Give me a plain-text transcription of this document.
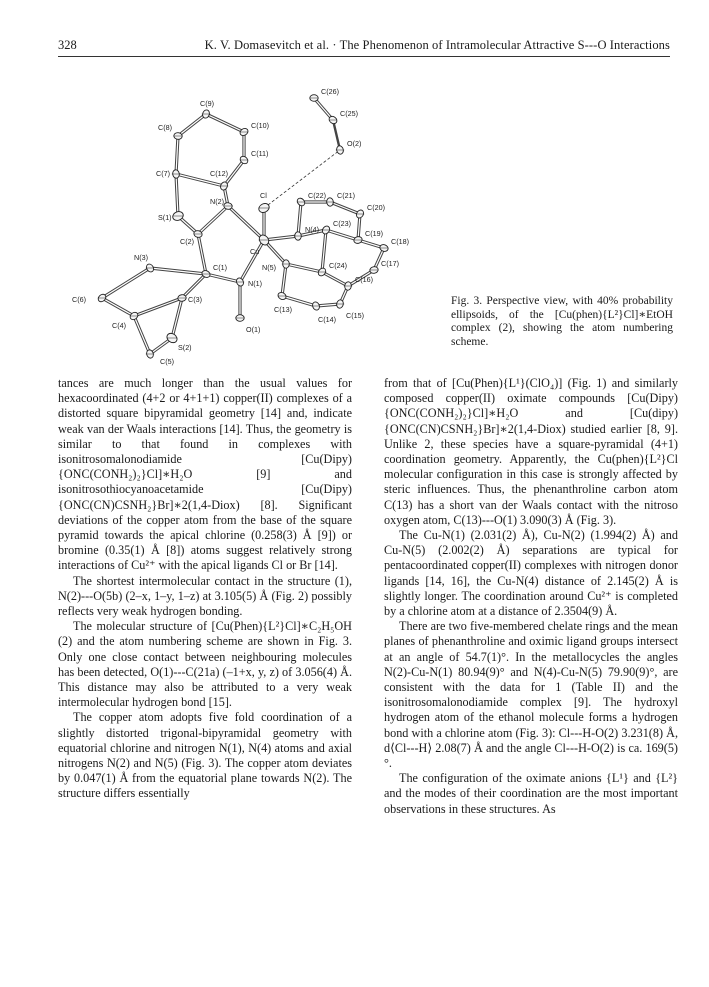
328	K. V. Domasevitch et al. · The Phenomenon of Intramolecular Attractive S---O Interactions
C(26)
C(25)
O(2)
C(9)
C(10)
C(8)
C(11)
C(7)	C(12)
Cl
N(2)
C(22) C(21)
C(20)
S(1)
C(2)
Cu
N(4)
C(23)
C(19)
C(18)
N(3)
N(5)	C(24)	C(17)
C(1)
N(1)	C(16)
C(6)	C(3)
C(13)
C(14) C(15)
C(4)	O(1)
S(2)
C(5)
Fig. 3. Perspective view, with 40% probability ellipsoids, of the [Cu(phen){L²}Cl]∗EtOH complex (2), showing the atom numbering scheme.

tances are much longer than the usual values for hexacoordinated (4+2 or 4+1+1) copper(II) complexes of a distorted square bipyramidal geometry [14] and, indicate weak van der Waals interactions [14]. Thus, the geometry is similar to that found in complexes with isonitrosomalonodiamide [Cu(Dipy){ONC(CONH₂)₂}Cl]∗H₂O [9] and isonitrosothiocyanoacetamide [Cu(Dipy){ONC(CN)CSNH₂}Br]∗2(1,4-Diox) [8]. Significant deviations of the copper atom from the base of the square pyramid towards the apical chlorine (0.258(3) Å [9]) or bromine (0.35(1) Å [8]) atoms suggest relatively strong interactions of Cu²⁺ with the apical ligands Cl or Br [14].

The shortest intermolecular contact in the structure (1), N(2)---O(5b) (2–x, 1–y, 1–z) at 3.105(5) Å (Fig. 2) possibly reflects very weak hydrogen bonding.

The molecular structure of [Cu(Phen){L²}Cl]∗C₂H₅OH (2) and the atom numbering scheme are shown in Fig. 3. Only one close contact between neighbouring molecules has been detected, O(1)---C(21a) (–1+x, y, z) of 3.056(4) Å. This distance may also be attributed to a very weak intermolecular hydrogen bond [15].

The copper atom adopts five fold coordination of a slightly distorted trigonal-bipyramidal geometry with equatorial chlorine and nitrogen N(1), N(4) atoms and axial nitrogens N(2) and N(5) (Fig. 3). The copper atom deviates by 0.047(1) Å from the equatorial plane towards N(2). The structure differs essentially

from that of [Cu(Phen){L¹}(ClO₄)] (Fig. 1) and similarly composed copper(II) oximate compounds [Cu(Dipy){ONC(CONH₂)₂}Cl]∗H₂O and [Cu(dipy){ONC(CN)CSNH₂}Br]∗2(1,4-Diox) studied earlier [8, 9]. Unlike 2, these species have a square-pyramidal (4+1) coordination geometry. Apparently, the Cu(phen){L²}Cl molecular configuration in this case is strongly affected by steric influences. Thus, the phenanthroline carbon atom C(13) has a short van der Waals contact with the nitroso oxygen atom, C(13)---O(1) 3.090(3) Å (Fig. 3).

The Cu-N(1) (2.031(2) Å), Cu-N(2) (1.994(2) Å) and Cu-N(5) (2.002(2) Å) separations are typical for pentacoordinated copper(II) complexes with nitrogen donor ligands [14, 16], the Cu-N(4) distance of 2.145(2) Å is slightly longer. The coordination around Cu²⁺ is completed by a chlorine atom at a distance of 2.3504(9) Å.

There are two five-membered chelate rings and the mean planes of phenanthroline and oximic ligand groups intersect at an angle of 54.7(1)°. In the metallocycles the angles N(2)-Cu-N(1) 80.94(9)° and N(4)-Cu-N(5) 79.90(9)°, are consistent with the data for 1 (Table II) and the isonitrosomalonodiamide complex [9]. The hydroxyl hydrogen atom of the ethanol molecule forms a hydrogen bond with a chlorine atom (Fig. 3): Cl---H-O(2) 3.231(8) Å, d⟨Cl---H⟩ 2.08(7) Å and the angle Cl---H-O(2) is ca. 169(5)°.

The configuration of the oximate anions {L¹} and {L²} and the modes of their coordination are the most important observations in these structures. As
